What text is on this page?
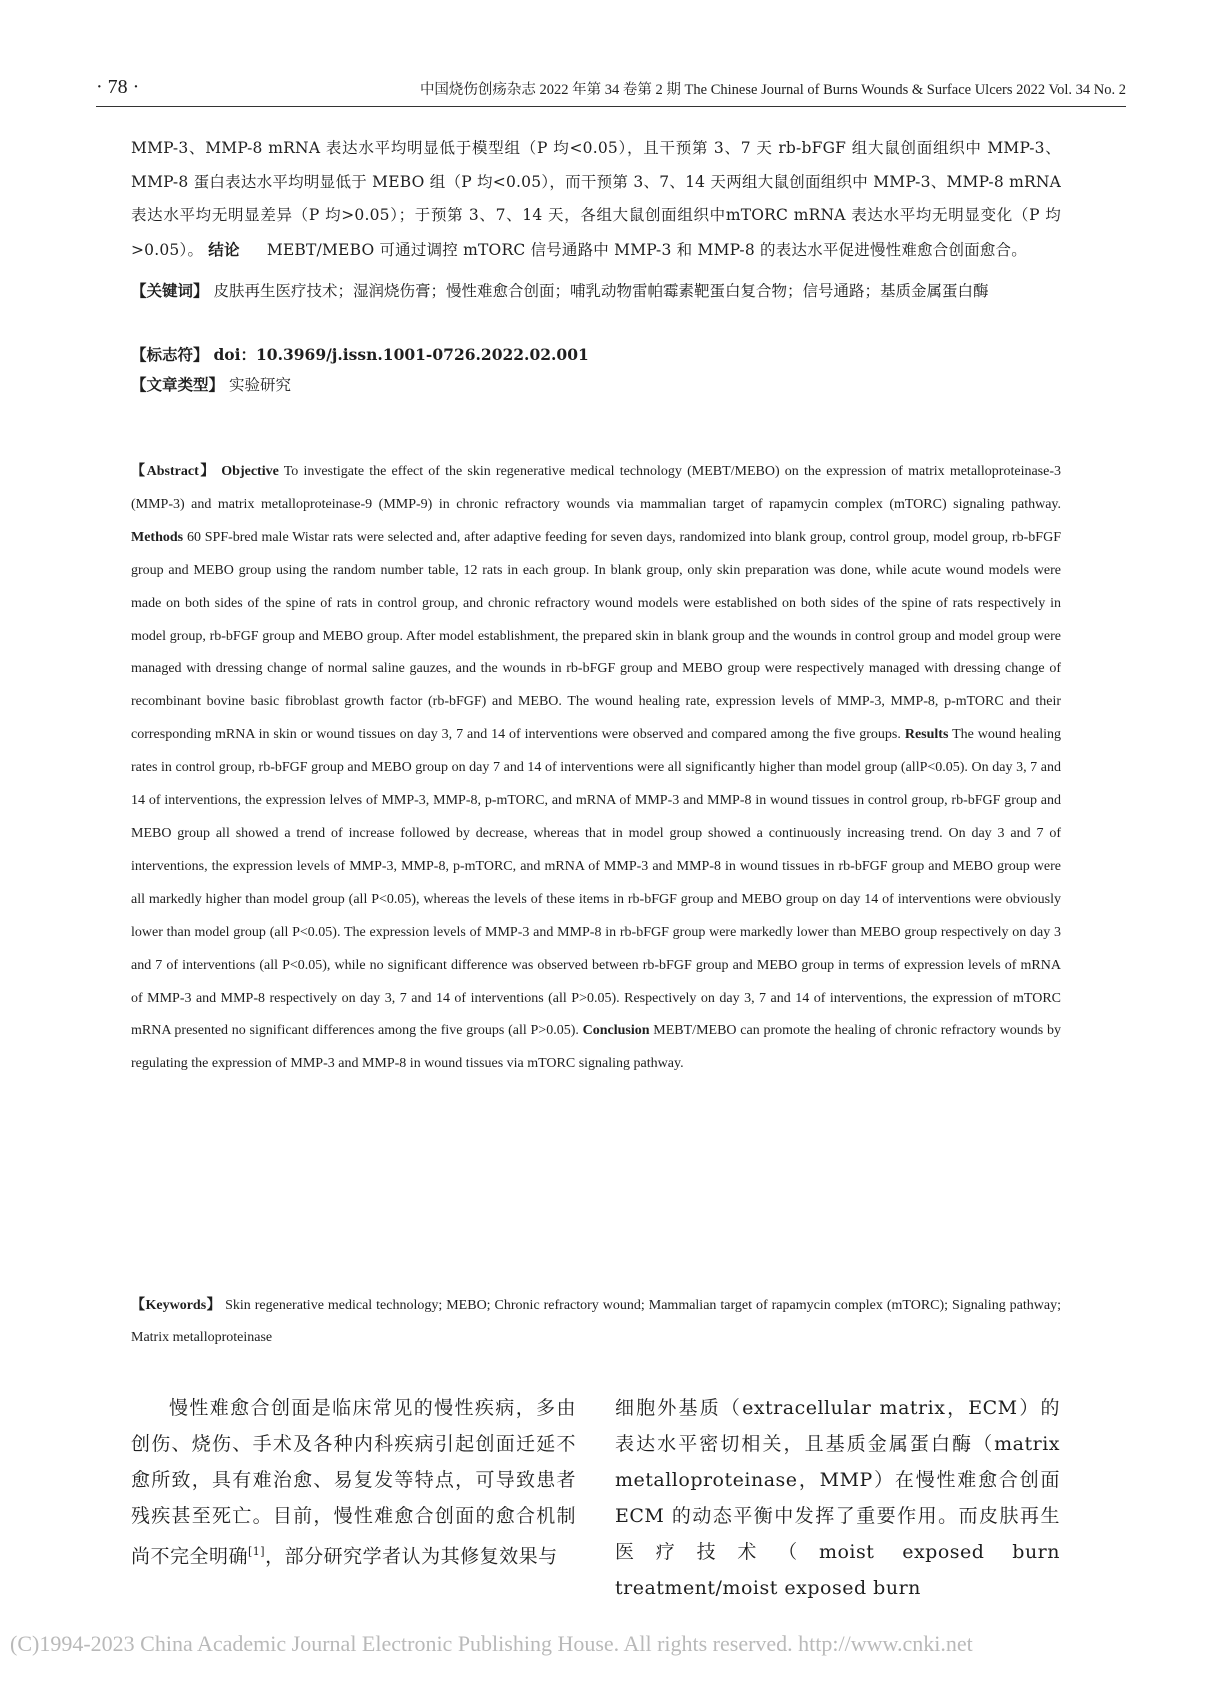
· 78 ·	中国烧伤创疡杂志 2022 年第 34 卷第 2 期 The Chinese Journal of Burns Wounds & Surface Ulcers 2022 Vol. 34 No. 2
MMP-3、MMP-8 mRNA 表达水平均明显低于模型组（P 均<0.05），且干预第 3、7 天 rb-bFGF 组大鼠创面组织中 MMP-3、MMP-8 蛋白表达水平均明显低于 MEBO 组（P 均<0.05），而干预第 3、7、14 天两组大鼠创面组织中 MMP-3、MMP-8 mRNA 表达水平均无明显差异（P 均>0.05）；于预第 3、7、14 天，各组大鼠创面组织中mTORC mRNA 表达水平均无明显变化（P 均>0.05）。 结论 MEBT/MEBO 可通过调控 mTORC 信号通路中 MMP-3 和 MMP-8 的表达水平促进慢性难愈合创面愈合。
【关键词】 皮肤再生医疗技术；湿润烧伤膏；慢性难愈合创面；哺乳动物雷帕霉素靶蛋白复合物；信号通路；基质金属蛋白酶
【标志符】 doi：10.3969/j.issn.1001-0726.2022.02.001
【文章类型】 实验研究
【Abstract】 Objective To investigate the effect of the skin regenerative medical technology (MEBT/MEBO) on the expression of matrix metalloproteinase-3 (MMP-3) and matrix metalloproteinase-9 (MMP-9) in chronic refractory wounds via mammalian target of rapamycin complex (mTORC) signaling pathway. Methods 60 SPF-bred male Wistar rats were selected and, after adaptive feeding for seven days, randomized into blank group, control group, model group, rb-bFGF group and MEBO group using the random number table, 12 rats in each group. In blank group, only skin preparation was done, while acute wound models were made on both sides of the spine of rats in control group, and chronic refractory wound models were established on both sides of the spine of rats respectively in model group, rb-bFGF group and MEBO group. After model establishment, the prepared skin in blank group and the wounds in control group and model group were managed with dressing change of normal saline gauzes, and the wounds in rb-bFGF group and MEBO group were respectively managed with dressing change of recombinant bovine basic fibroblast growth factor (rb-bFGF) and MEBO. The wound healing rate, expression levels of MMP-3, MMP-8, p-mTORC and their corresponding mRNA in skin or wound tissues on day 3, 7 and 14 of interventions were observed and compared among the five groups. Results The wound healing rates in control group, rb-bFGF group and MEBO group on day 7 and 14 of interventions were all significantly higher than model group (allP<0.05). On day 3, 7 and 14 of interventions, the expression lelves of MMP-3, MMP-8, p-mTORC, and mRNA of MMP-3 and MMP-8 in wound tissues in control group, rb-bFGF group and MEBO group all showed a trend of increase followed by decrease, whereas that in model group showed a continuously increasing trend. On day 3 and 7 of interventions, the expression levels of MMP-3, MMP-8, p-mTORC, and mRNA of MMP-3 and MMP-8 in wound tissues in rb-bFGF group and MEBO group were all markedly higher than model group (all P<0.05), whereas the levels of these items in rb-bFGF group and MEBO group on day 14 of interventions were obviously lower than model group (all P<0.05). The expression levels of MMP-3 and MMP-8 in rb-bFGF group were markedly lower than MEBO group respectively on day 3 and 7 of interventions (all P<0.05), while no significant difference was observed between rb-bFGF group and MEBO group in terms of expression levels of mRNA of MMP-3 and MMP-8 respectively on day 3, 7 and 14 of interventions (all P>0.05). Respectively on day 3, 7 and 14 of interventions, the expression of mTORC mRNA presented no significant differences among the five groups (all P>0.05). Conclusion MEBT/MEBO can promote the healing of chronic refractory wounds by regulating the expression of MMP-3 and MMP-8 in wound tissues via mTORC signaling pathway.
【Keywords】 Skin regenerative medical technology; MEBO; Chronic refractory wound; Mammalian target of rapamycin complex (mTORC); Signaling pathway; Matrix metalloproteinase
慢性难愈合创面是临床常见的慢性疾病，多由创伤、烧伤、手术及各种内科疾病引起创面迁延不愈所致，具有难治愈、易复发等特点，可导致患者残疾甚至死亡。目前，慢性难愈合创面的愈合机制尚不完全明确[1]，部分研究学者认为其修复效果与
细胞外基质（extracellular matrix，ECM）的表达水平密切相关，且基质金属蛋白酶（matrix metalloproteinase，MMP）在慢性难愈合创面 ECM 的动态平衡中发挥了重要作用。而皮肤再生医疗技术（moist exposed burn treatment/moist exposed burn
(C)1994-2023 China Academic Journal Electronic Publishing House. All rights reserved. http://www.cnki.net
